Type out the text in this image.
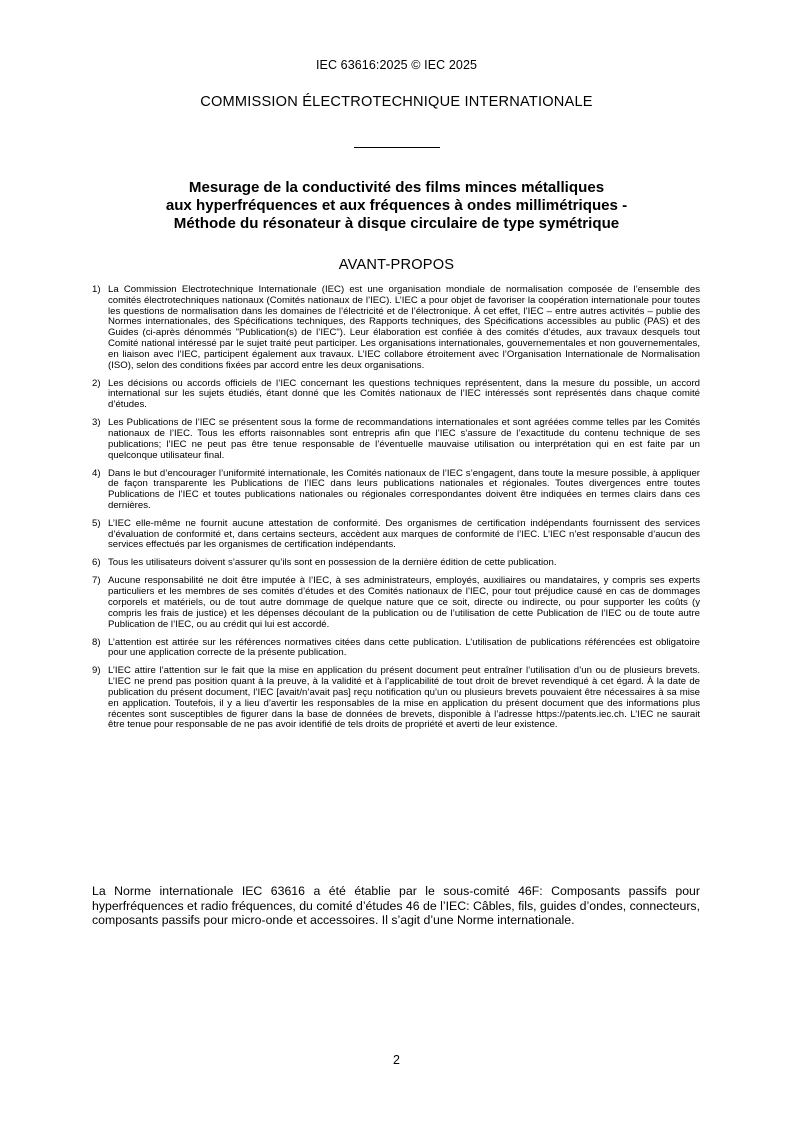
IEC 63616:2025 © IEC 2025
COMMISSION ÉLECTROTECHNIQUE INTERNATIONALE
Mesurage de la conductivité des films minces métalliques
aux hyperfréquences et aux fréquences à ondes millimétriques -
Méthode du résonateur à disque circulaire de type symétrique
AVANT-PROPOS
1) La Commission Electrotechnique Internationale (IEC) est une organisation mondiale de normalisation composée de l’ensemble des comités électrotechniques nationaux (Comités nationaux de l’IEC). L’IEC a pour objet de favoriser la coopération internationale pour toutes les questions de normalisation dans les domaines de l’électricité et de l’électronique. À cet effet, l’IEC – entre autres activités – publie des Normes internationales, des Spécifications techniques, des Rapports techniques, des Spécifications accessibles au public (PAS) et des Guides (ci-après dénommés "Publication(s) de l’IEC"). Leur élaboration est confiée à des comités d’études, aux travaux desquels tout Comité national intéressé par le sujet traité peut participer. Les organisations internationales, gouvernementales et non gouvernementales, en liaison avec l’IEC, participent également aux travaux. L’IEC collabore étroitement avec l’Organisation Internationale de Normalisation (ISO), selon des conditions fixées par accord entre les deux organisations.
2) Les décisions ou accords officiels de l’IEC concernant les questions techniques représentent, dans la mesure du possible, un accord international sur les sujets étudiés, étant donné que les Comités nationaux de l’IEC intéressés sont représentés dans chaque comité d’études.
3) Les Publications de l’IEC se présentent sous la forme de recommandations internationales et sont agréées comme telles par les Comités nationaux de l’IEC. Tous les efforts raisonnables sont entrepris afin que l’IEC s’assure de l’exactitude du contenu technique de ses publications; l’IEC ne peut pas être tenue responsable de l’éventuelle mauvaise utilisation ou interprétation qui en est faite par un quelconque utilisateur final.
4) Dans le but d’encourager l’uniformité internationale, les Comités nationaux de l’IEC s’engagent, dans toute la mesure possible, à appliquer de façon transparente les Publications de l’IEC dans leurs publications nationales et régionales. Toutes divergences entre toutes Publications de l’IEC et toutes publications nationales ou régionales correspondantes doivent être indiquées en termes clairs dans ces dernières.
5) L’IEC elle-même ne fournit aucune attestation de conformité. Des organismes de certification indépendants fournissent des services d’évaluation de conformité et, dans certains secteurs, accèdent aux marques de conformité de l’IEC. L’IEC n’est responsable d’aucun des services effectués par les organismes de certification indépendants.
6) Tous les utilisateurs doivent s’assurer qu’ils sont en possession de la dernière édition de cette publication.
7) Aucune responsabilité ne doit être imputée à l’IEC, à ses administrateurs, employés, auxiliaires ou mandataires, y compris ses experts particuliers et les membres de ses comités d’études et des Comités nationaux de l’IEC, pour tout préjudice causé en cas de dommages corporels et matériels, ou de tout autre dommage de quelque nature que ce soit, directe ou indirecte, ou pour supporter les coûts (y compris les frais de justice) et les dépenses découlant de la publication ou de l’utilisation de cette Publication de l’IEC ou de toute autre Publication de l’IEC, ou au crédit qui lui est accordé.
8) L’attention est attirée sur les références normatives citées dans cette publication. L’utilisation de publications référencées est obligatoire pour une application correcte de la présente publication.
9) L’IEC attire l’attention sur le fait que la mise en application du présent document peut entraîner l’utilisation d’un ou de plusieurs brevets. L’IEC ne prend pas position quant à la preuve, à la validité et à l’applicabilité de tout droit de brevet revendiqué à cet égard. À la date de publication du présent document, l’IEC [avait/n’avait pas] reçu notification qu’un ou plusieurs brevets pouvaient être nécessaires à sa mise en application. Toutefois, il y a lieu d’avertir les responsables de la mise en application du présent document que des informations plus récentes sont susceptibles de figurer dans la base de données de brevets, disponible à l’adresse https://patents.iec.ch. L’IEC ne saurait être tenue pour responsable de ne pas avoir identifié de tels droits de propriété et averti de leur existence.

La Norme internationale IEC 63616 a été établie par le sous-comité 46F: Composants passifs pour hyperfréquences et radio fréquences, du comité d’études 46 de l’IEC: Câbles, fils, guides d’ondes, connecteurs, composants passifs pour micro-onde et accessoires. Il s’agit d’une Norme internationale.

2
